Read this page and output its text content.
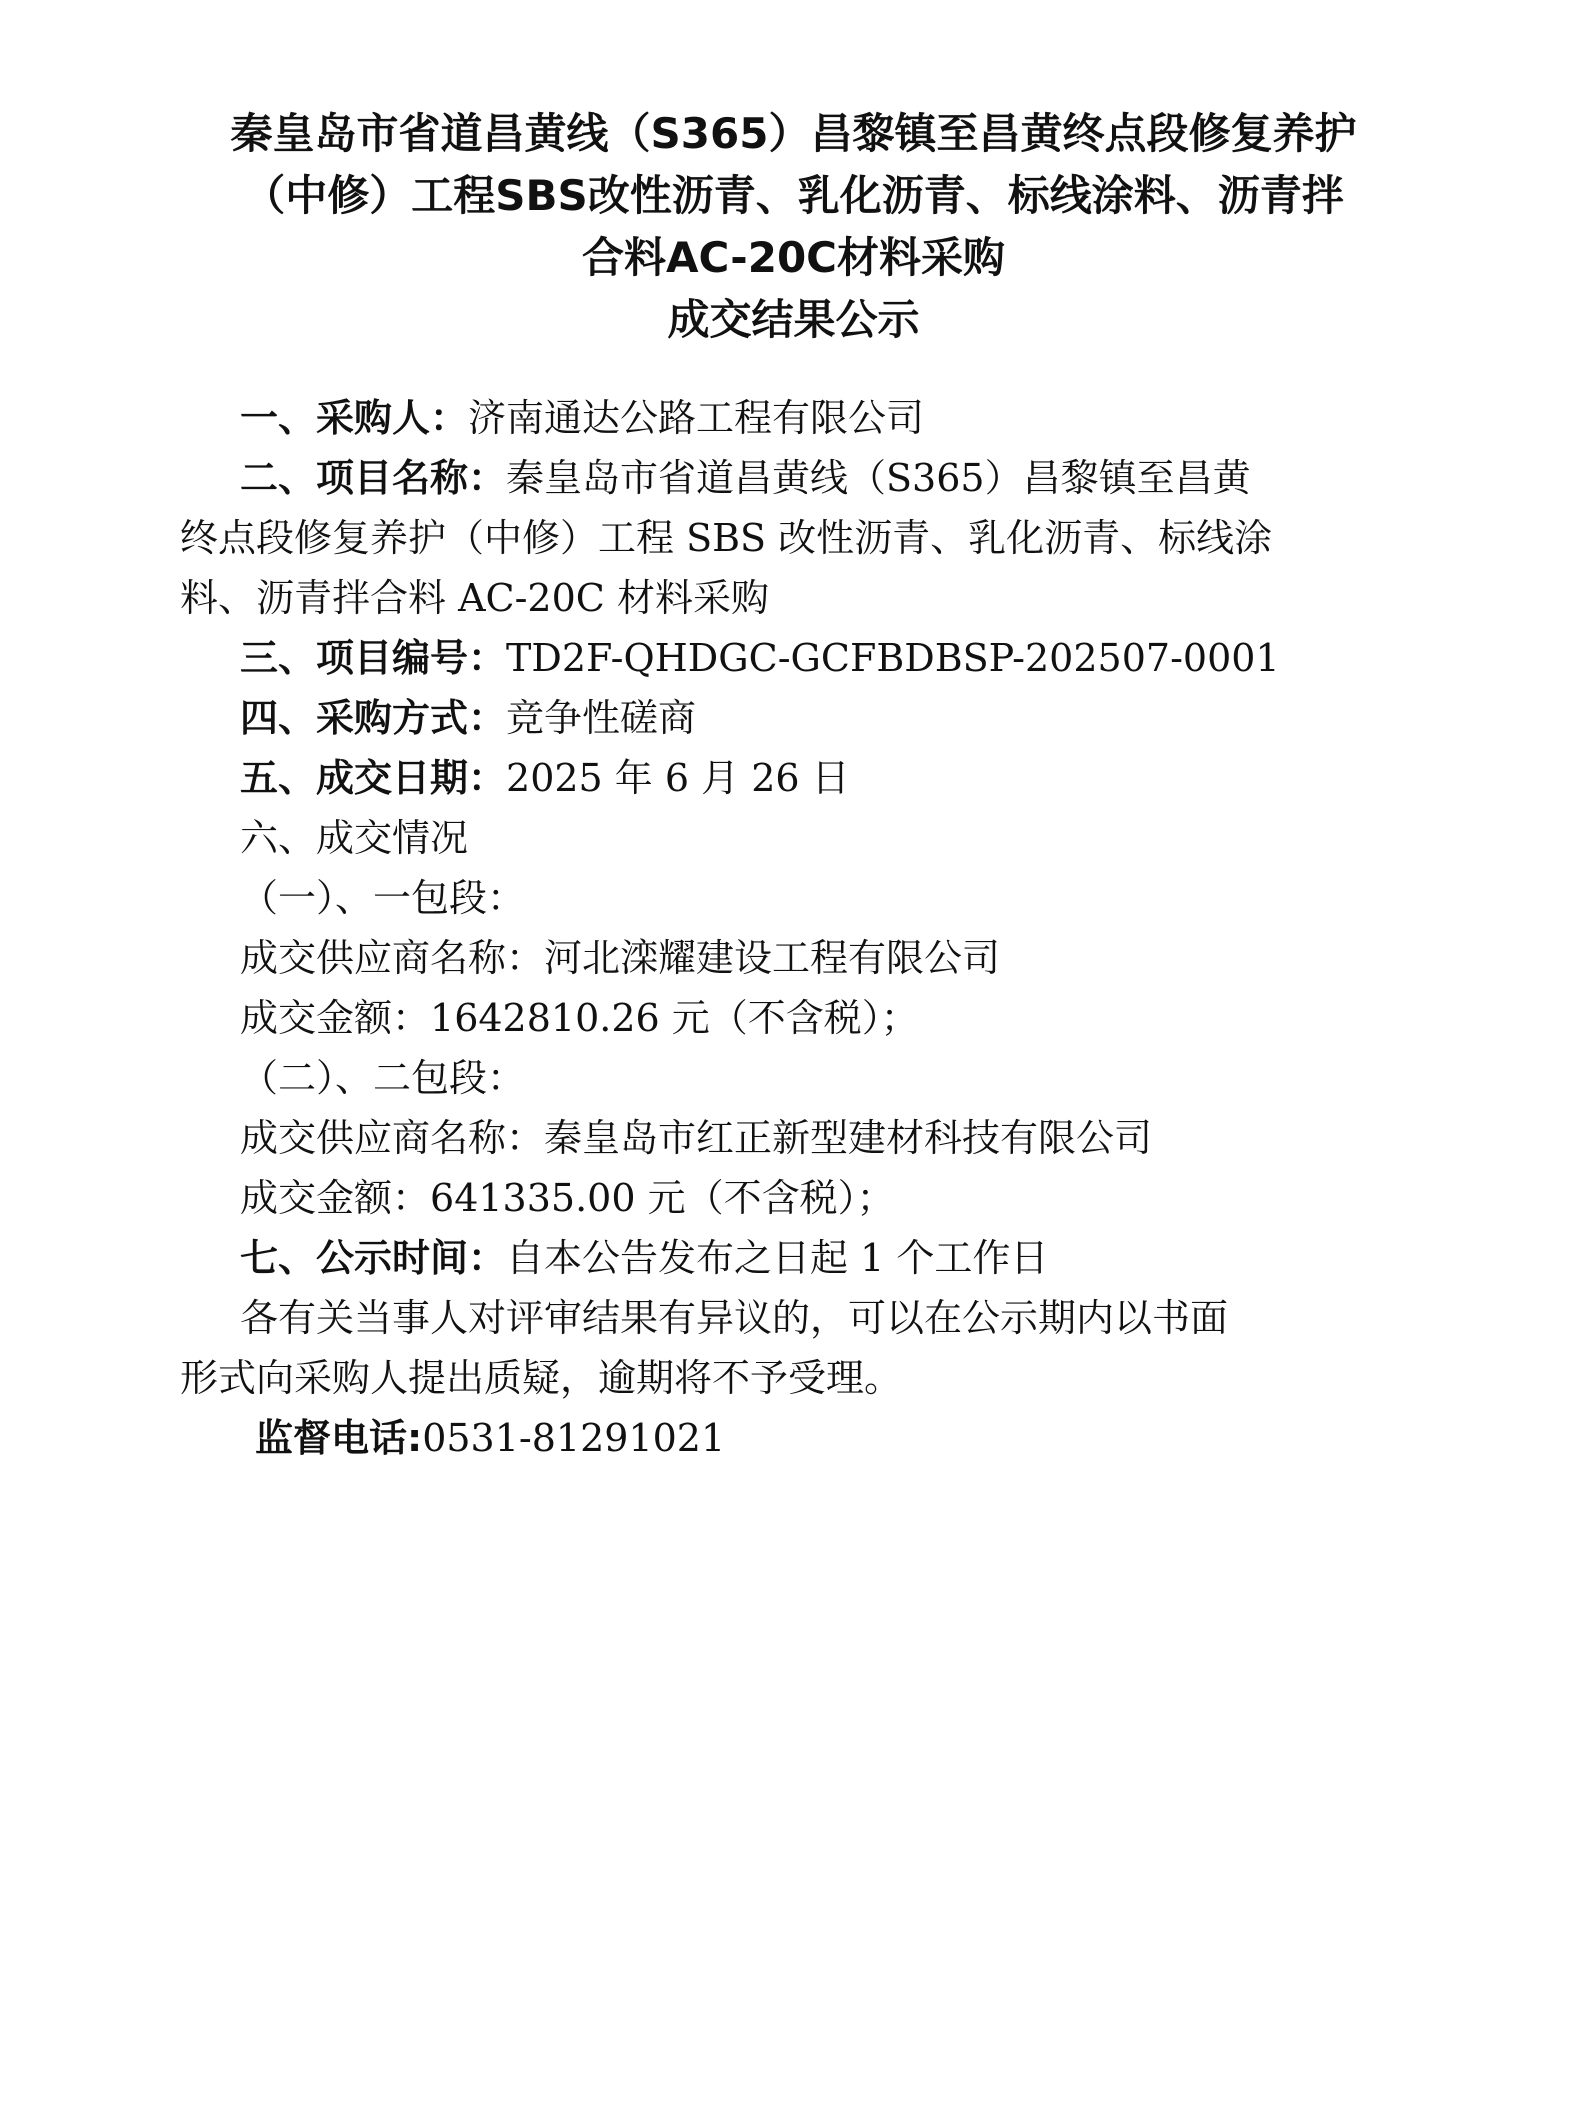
秦皇岛市省道昌黄线（S365）昌黎镇至昌黄终点段修复养护
（中修）工程SBS改性沥青、乳化沥青、标线涂料、沥青拌
合料AC-20C材料采购
成交结果公示
一、采购人：济南通达公路工程有限公司
二、项目名称：秦皇岛市省道昌黄线（S365）昌黎镇至昌黄
终点段修复养护（中修）工程 SBS 改性沥青、乳化沥青、标线涂
料、沥青拌合料 AC-20C 材料采购
三、项目编号：TD2F-QHDGC-GCFBDBSP-202507-0001
四、采购方式：竞争性磋商
五、成交日期：2025 年 6 月 26 日
六、成交情况
（一）、一包段：
成交供应商名称：河北滦耀建设工程有限公司
成交金额：1642810.26 元（不含税）；
（二）、二包段：
成交供应商名称：秦皇岛市红正新型建材科技有限公司
成交金额：641335.00 元（不含税）；
七、公示时间：自本公告发布之日起 1 个工作日
各有关当事人对评审结果有异议的，可以在公示期内以书面
形式向采购人提出质疑，逾期将不予受理。
监督电话:0531-81291021
